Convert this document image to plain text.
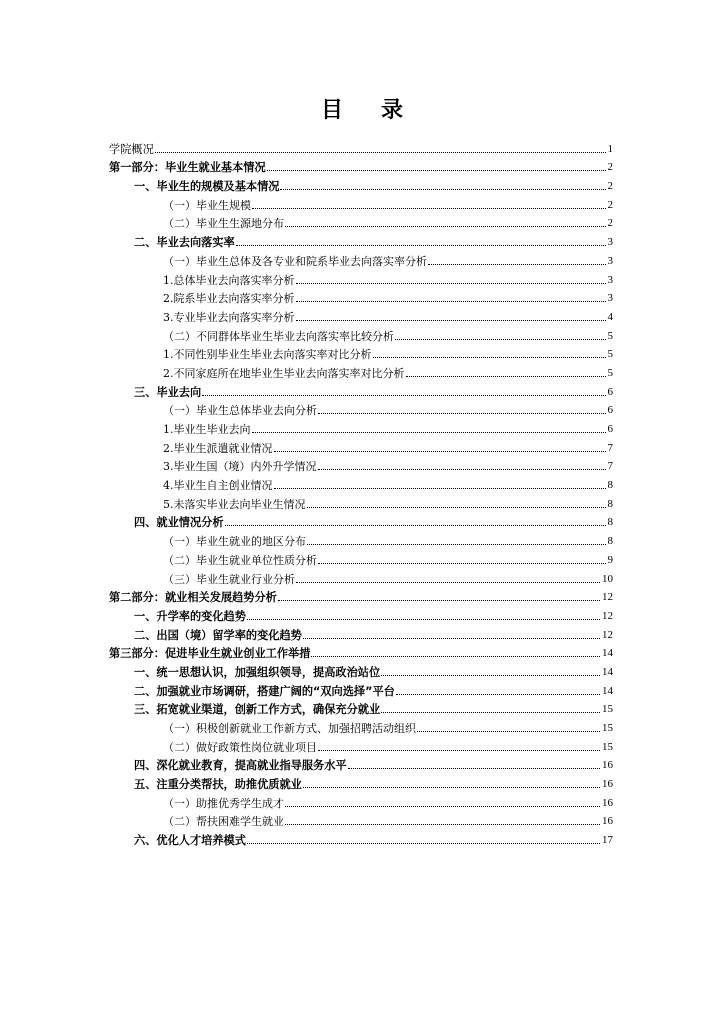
目 录
学院概况	1
第一部分：毕业生就业基本情况	2
一、毕业生的规模及基本情况	2
（一）毕业生规模	2
（二）毕业生生源地分布	2
二、毕业去向落实率	3
（一）毕业生总体及各专业和院系毕业去向落实率分析	3
1.总体毕业去向落实率分析	3
2.院系毕业去向落实率分析	3
3.专业毕业去向落实率分析	4
（二）不同群体毕业生毕业去向落实率比较分析	5
1.不同性别毕业生毕业去向落实率对比分析	5
2.不同家庭所在地毕业生毕业去向落实率对比分析	5
三、毕业去向	6
（一）毕业生总体毕业去向分析	6
1.毕业生毕业去向	6
2.毕业生派遣就业情况	7
3.毕业生国（境）内外升学情况	7
4.毕业生自主创业情况	8
5.未落实毕业去向毕业生情况	8
四、就业情况分析	8
（一）毕业生就业的地区分布	8
（二）毕业生就业单位性质分析	9
（三）毕业生就业行业分析	10
第二部分：就业相关发展趋势分析	12
一、升学率的变化趋势	12
二、出国（境）留学率的变化趋势	12
第三部分：促进毕业生就业创业工作举措	14
一、统一思想认识，加强组织领导，提高政治站位	14
二、加强就业市场调研，搭建广阔的“双向选择”平台	14
三、拓宽就业渠道，创新工作方式，确保充分就业	15
（一）积极创新就业工作新方式、加强招聘活动组织	15
（二）做好政策性岗位就业项目	15
四、深化就业教育，提高就业指导服务水平	16
五、注重分类帮扶，助推优质就业	16
（一）助推优秀学生成才	16
（二）帮扶困难学生就业	16
六、优化人才培养模式	17
